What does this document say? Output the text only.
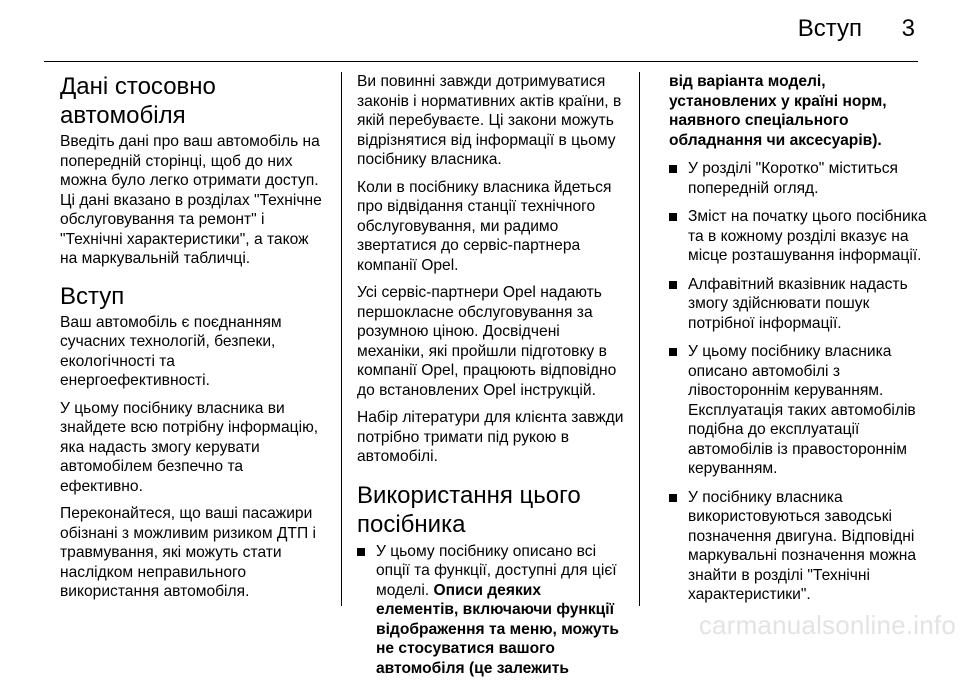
Вступ 3
Дані стосовно автомобіля

Введіть дані про ваш автомобіль на попередній сторінці, щоб до них можна було легко отримати доступ. Ці дані вказано в розділах "Технічне обслуговування та ремонт" і "Технічні характеристики", а також на маркувальній табличці.

Вступ

Ваш автомобіль є поєднанням сучасних технологій, безпеки, екологічності та енергоефективності.

У цьому посібнику власника ви знайдете всю потрібну інформацію, яка надасть змогу керувати автомобілем безпечно та ефективно.

Переконайтеся, що ваші пасажири обізнані з можливим ризиком ДТП і травмування, які можуть стати наслідком неправильного використання автомобіля.

Ви повинні завжди дотримуватися законів і нормативних актів країни, в якій перебуваєте. Ці закони можуть відрізнятися від інформації в цьому посібнику власника.

Коли в посібнику власника йдеться про відвідання станції технічного обслуговування, ми радимо звертатися до сервіс-партнера компанії Opel.

Усі сервіс-партнери Opel надають першокласне обслуговування за розумною ціною. Досвідчені механіки, які пройшли підготовку в компанії Opel, працюють відповідно до встановлених Opel інструкцій.

Набір літератури для клієнта завжди потрібно тримати під рукою в автомобілі.

Використання цього посібника
У цьому посібнику описано всі опції та функції, доступні для цієї моделі. Описи деяких елементів, включаючи функції відображення та меню, можуть не стосуватися вашого автомобіля (це залежить

від варіанта моделі, установлених у країні норм, наявного спеціального обладнання чи аксесуарів).

У розділі "Коротко" міститься попередній огляд.
Зміст на початку цього посібника та в кожному розділі вказує на місце розташування інформації.
Алфавітний вказівник надасть змогу здійснювати пошук потрібної інформації.
У цьому посібнику власника описано автомобілі з лівостороннім керуванням. Експлуатація таких автомобілів подібна до експлуатації автомобілів із правостороннім керуванням.
У посібнику власника використовуються заводські позначення двигуна. Відповідні маркувальні позначення можна знайти в розділі "Технічні характеристики".
carmanualsonline.info
